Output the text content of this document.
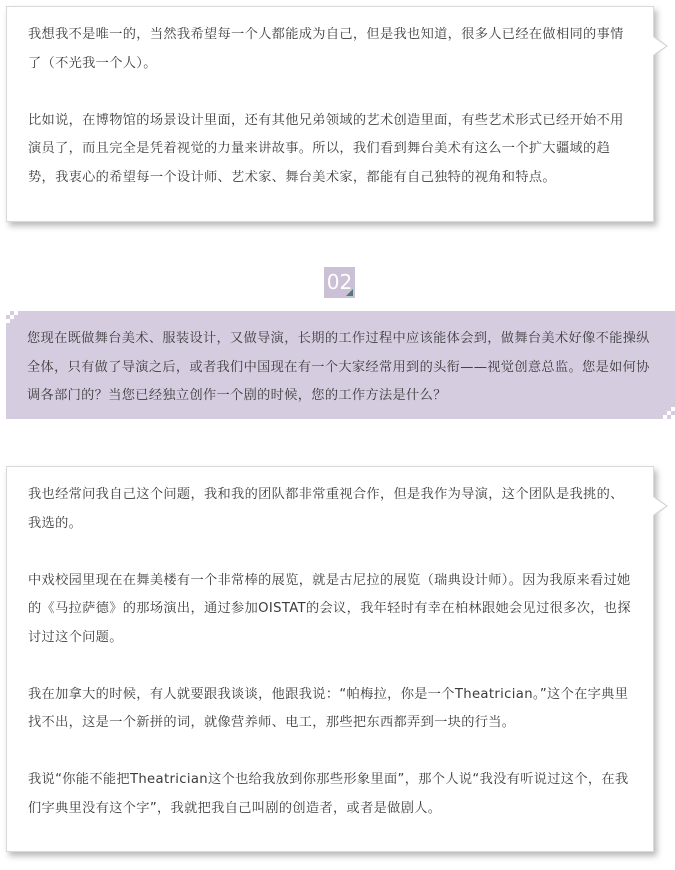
我想我不是唯一的，当然我希望每一个人都能成为自己，但是我也知道，很多人已经在做相同的事情了（不光我一个人）。

比如说，在博物馆的场景设计里面，还有其他兄弟领域的艺术创造里面，有些艺术形式已经开始不用演员了，而且完全是凭着视觉的力量来讲故事。所以，我们看到舞台美术有这么一个扩大疆域的趋势，我衷心的希望每一个设计师、艺术家、舞台美术家，都能有自己独特的视角和特点。

02

您现在既做舞台美术、服装设计，又做导演，长期的工作过程中应该能体会到，做舞台美术好像不能操纵全体，只有做了导演之后，或者我们中国现在有一个大家经常用到的头衔——视觉创意总监。您是如何协调各部门的？当您已经独立创作一个剧的时候，您的工作方法是什么？

我也经常问我自己这个问题，我和我的团队都非常重视合作，但是我作为导演，这个团队是我挑的、我选的。

中戏校园里现在在舞美楼有一个非常棒的展览，就是古尼拉的展览（瑞典设计师）。因为我原来看过她的《马拉萨德》的那场演出，通过参加OISTAT的会议，我年轻时有幸在柏林跟她会见过很多次，也探讨过这个问题。

我在加拿大的时候，有人就要跟我谈谈，他跟我说：“帕梅拉，你是一个Theatrician。”这个在字典里找不出，这是一个新拼的词，就像营养师、电工，那些把东西都弄到一块的行当。

我说“你能不能把Theatrician这个也给我放到你那些形象里面”，那个人说“我没有听说过这个，在我们字典里没有这个字”，我就把我自己叫剧的创造者，或者是做剧人。
